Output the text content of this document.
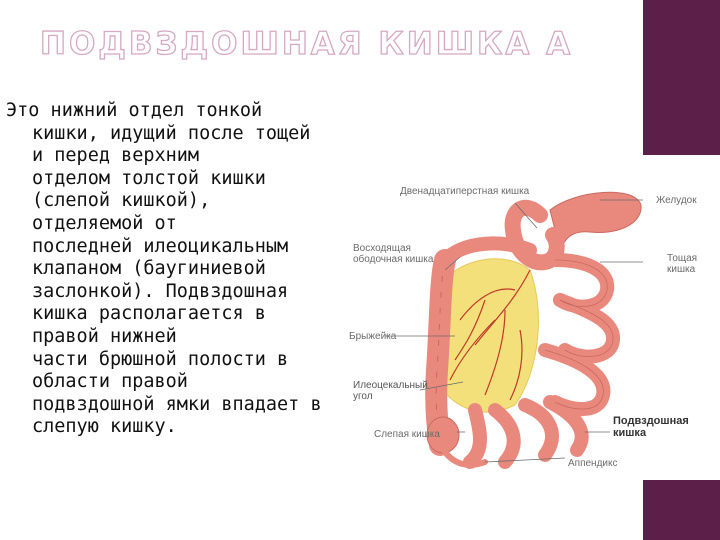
ПОДВЗДОШНАЯ КИШКА А
Это нижний отдел тонкой
кишки, идущий после тощей
и перед верхним
отделом толстой кишки
(слепой кишкой),
отделяемой от
последней илеоцикальным
клапаном (баугиниевой
заслонкой). Подвздошная
кишка располагается в
правой нижней
части брюшной полости в
области правой
подвздошной ямки впадает в
слепую кишку.
Двенадцатиперстная кишка
Желудок
Восходящая ободочная кишка	Тощая кишка
Брыжейка
Илеоцекальный угол
Слепая кишка
Подвздошная кишка
Аппендикс
